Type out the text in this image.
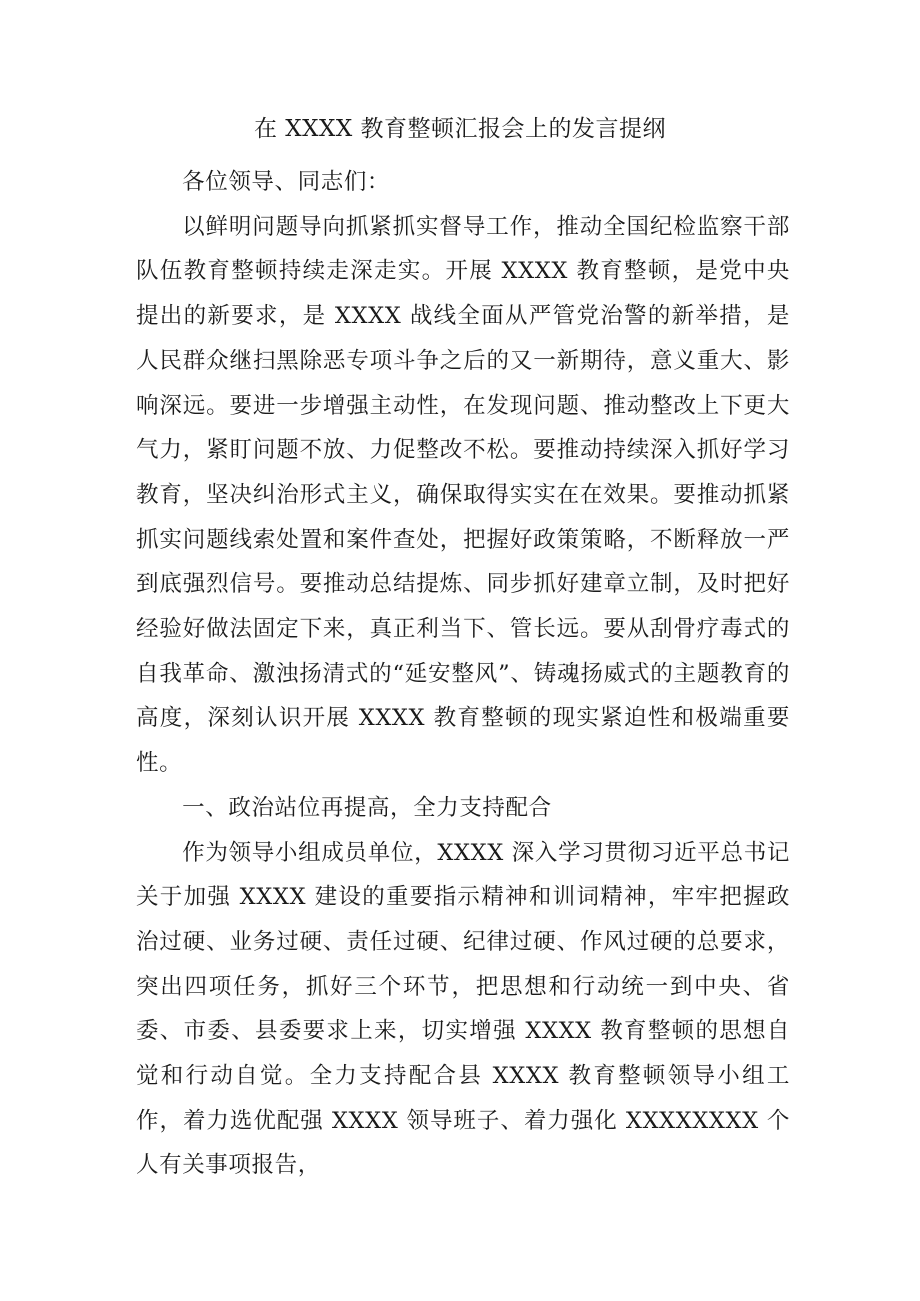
在 XXXX 教育整顿汇报会上的发言提纲

各位领导、同志们：

以鲜明问题导向抓紧抓实督导工作，推动全国纪检监察干部队伍教育整顿持续走深走实。开展 XXXX 教育整顿，是党中央提出的新要求，是 XXXX 战线全面从严管党治警的新举措，是人民群众继扫黑除恶专项斗争之后的又一新期待，意义重大、影响深远。要进一步增强主动性，在发现问题、推动整改上下更大气力，紧盯问题不放、力促整改不松。要推动持续深入抓好学习教育，坚决纠治形式主义，确保取得实实在在效果。要推动抓紧抓实问题线索处置和案件查处，把握好政策策略，不断释放一严到底强烈信号。要推动总结提炼、同步抓好建章立制，及时把好经验好做法固定下来，真正利当下、管长远。要从刮骨疗毒式的自我革命、激浊扬清式的“延安整风”、铸魂扬威式的主题教育的高度，深刻认识开展 XXXX 教育整顿的现实紧迫性和极端重要性。

一、政治站位再提高，全力支持配合

作为领导小组成员单位，XXXX 深入学习贯彻习近平总书记关于加强 XXXX 建设的重要指示精神和训词精神，牢牢把握政治过硬、业务过硬、责任过硬、纪律过硬、作风过硬的总要求，突出四项任务，抓好三个环节，把思想和行动统一到中央、省委、市委、县委要求上来，切实增强 XXXX 教育整顿的思想自觉和行动自觉。全力支持配合县 XXXX 教育整顿领导小组工作，着力选优配强 XXXX 领导班子、着力强化 XXXXXXXX 个人有关事项报告，
